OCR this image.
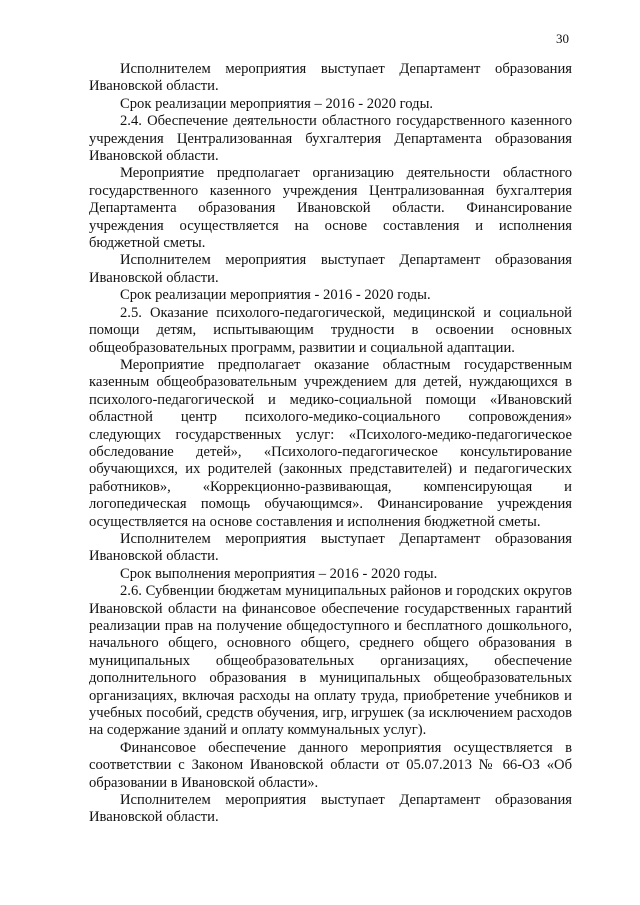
30

Исполнителем мероприятия выступает Департамент образования Ивановской области.

Срок реализации мероприятия – 2016 - 2020 годы.

2.4. Обеспечение деятельности областного государственного казенного учреждения Централизованная бухгалтерия Департамента образования Ивановской области.

Мероприятие предполагает организацию деятельности областного государственного казенного учреждения Централизованная бухгалтерия Департамента образования Ивановской области. Финансирование учреждения осуществляется на основе составления и исполнения бюджетной сметы.

Исполнителем мероприятия выступает Департамент образования Ивановской области.

Срок реализации мероприятия - 2016 - 2020 годы.

2.5. Оказание психолого-педагогической, медицинской и социальной помощи детям, испытывающим трудности в освоении основных общеобразовательных программ, развитии и социальной адаптации.

Мероприятие предполагает оказание областным государственным казенным общеобразовательным учреждением для детей, нуждающихся в психолого-педагогической и медико-социальной помощи «Ивановский областной центр психолого-медико-социального сопровождения» следующих государственных услуг: «Психолого-медико-педагогическое обследование детей», «Психолого-педагогическое консультирование обучающихся, их родителей (законных представителей) и педагогических работников», «Коррекционно-развивающая, компенсирующая и логопедическая помощь обучающимся». Финансирование учреждения осуществляется на основе составления и исполнения бюджетной сметы.

Исполнителем мероприятия выступает Департамент образования Ивановской области.

Срок выполнения мероприятия – 2016 - 2020 годы.

2.6. Субвенции бюджетам муниципальных районов и городских округов Ивановской области на финансовое обеспечение государственных гарантий реализации прав на получение общедоступного и бесплатного дошкольного, начального общего, основного общего, среднего общего образования в муниципальных общеобразовательных организациях, обеспечение дополнительного образования в муниципальных общеобразовательных организациях, включая расходы на оплату труда, приобретение учебников и учебных пособий, средств обучения, игр, игрушек (за исключением расходов на содержание зданий и оплату коммунальных услуг).

Финансовое обеспечение данного мероприятия осуществляется в соответствии с Законом Ивановской области от 05.07.2013 № 66-ОЗ «Об образовании в Ивановской области».

Исполнителем мероприятия выступает Департамент образования Ивановской области.
